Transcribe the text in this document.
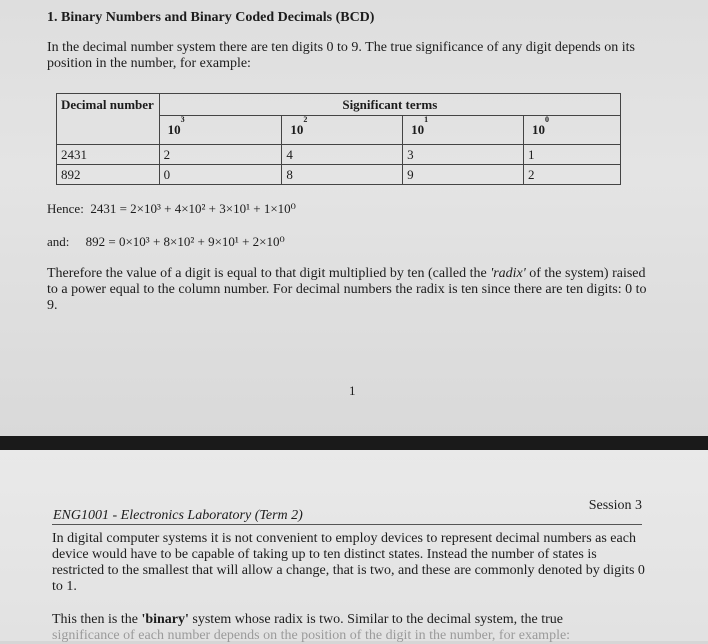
1. Binary Numbers and Binary Coded Decimals (BCD)
In the decimal number system there are ten digits 0 to 9. The true significance of any digit depends on its position in the number, for example:
Decimal number	Significant terms			
	$10^3$	$10^2$	$10^1$	$10^0$
2431	2	4	3	1
892	0	8	9	2
Hence: 2431 = 2×10³ + 4×10² + 3×10¹ + 1×10⁰
and: 892 = 0×10³ + 8×10² + 9×10¹ + 2×10⁰
Therefore the value of a digit is equal to that digit multiplied by ten (called the 'radix' of the system) raised to a power equal to the column number. For decimal numbers the radix is ten since there are ten digits: 0 to 9.
1
ENG1001 - Electronics Laboratory (Term 2)
Session 3
In digital computer systems it is not convenient to employ devices to represent decimal numbers as each device would have to be capable of taking up to ten distinct states. Instead the number of states is restricted to the smallest that will allow a change, that is two, and these are commonly denoted by digits 0 to 1.
This then is the 'binary' system whose radix is two. Similar to the decimal system, the true
significance of each number depends on the position of the digit in the number, for example:
